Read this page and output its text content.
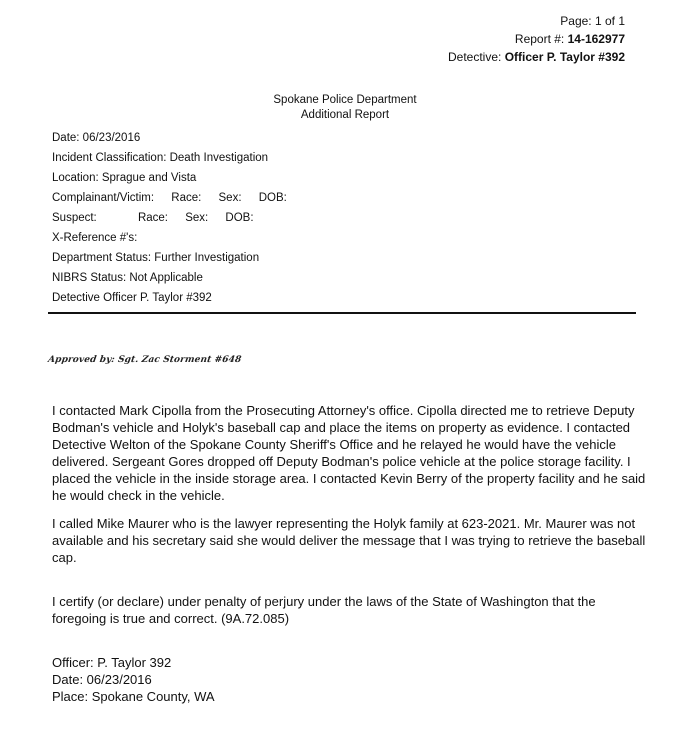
Page: 1 of 1
Report #: 14-162977
Detective: Officer P. Taylor #392
Spokane Police Department
Additional Report
Date: 06/23/2016
Incident Classification: Death Investigation
Location: Sprague and Vista
Complainant/Victim: Race: Sex: DOB:
Suspect:	Race: Sex: DOB:
X-Reference #'s:
Department Status: Further Investigation
NIBRS Status: Not Applicable
Detective Officer P. Taylor #392
Approved by: Sgt. Zac Storment #648

I contacted Mark Cipolla from the Prosecuting Attorney's office. Cipolla directed me to retrieve Deputy Bodman's vehicle and Holyk's baseball cap and place the items on property as evidence. I contacted Detective Welton of the Spokane County Sheriff's Office and he relayed he would have the vehicle delivered. Sergeant Gores dropped off Deputy Bodman's police vehicle at the police storage facility. I placed the vehicle in the inside storage area. I contacted Kevin Berry of the property facility and he said he would check in the vehicle.

I called Mike Maurer who is the lawyer representing the Holyk family at 623-2021. Mr. Maurer was not available and his secretary said she would deliver the message that I was trying to retrieve the baseball cap.

I certify (or declare) under penalty of perjury under the laws of the State of Washington that the foregoing is true and correct. (9A.72.085)

Officer: P. Taylor 392
Date: 06/23/2016
Place: Spokane County, WA
